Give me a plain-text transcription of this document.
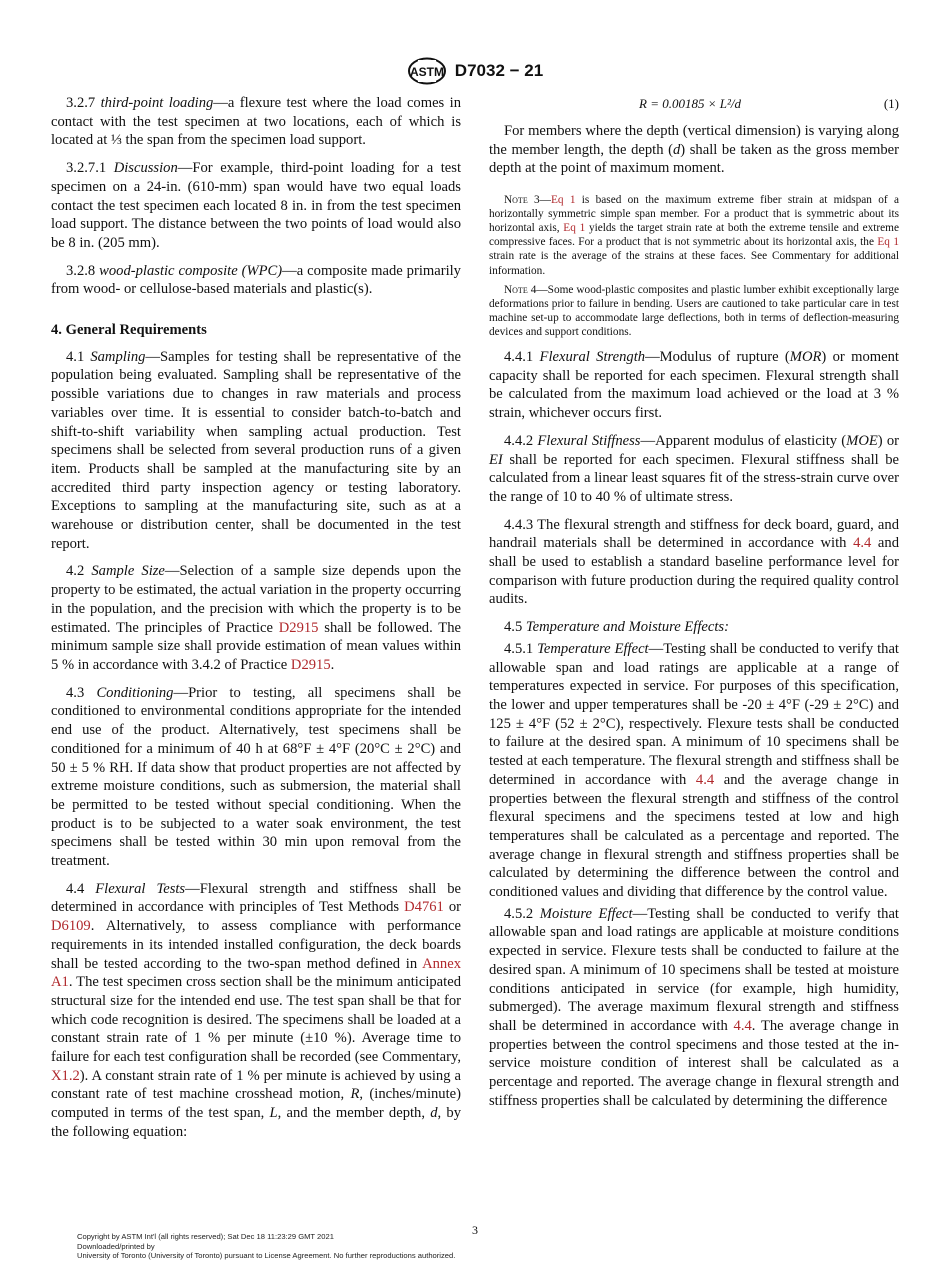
ASTM D7032 − 21

3.2.7 third-point loading—a flexure test where the load comes in contact with the test specimen at two locations, each of which is located at ⅓ the span from the specimen load support.

3.2.7.1 Discussion—For example, third-point loading for a test specimen on a 24-in. (610-mm) span would have two equal loads contact the test specimen each located 8 in. in from the test specimen load support. The distance between the two points of load would also be 8 in. (205 mm).

3.2.8 wood-plastic composite (WPC)—a composite made primarily from wood- or cellulose-based materials and plastic(s).

4. General Requirements

4.1 Sampling—Samples for testing shall be representative of the population being evaluated. Sampling shall be representative of the possible variations due to changes in raw materials and process variables over time. It is essential to consider batch-to-batch and shift-to-shift variability when sampling actual production. Test specimens shall be selected from several production runs of a given item. Products shall be sampled at the manufacturing site by an accredited third party inspection agency or testing laboratory. Exceptions to sampling at the manufacturing site, such as at a warehouse or distribution center, shall be documented in the test report.

4.2 Sample Size—Selection of a sample size depends upon the property to be estimated, the actual variation in the property occurring in the population, and the precision with which the property is to be estimated. The principles of Practice D2915 shall be followed. The minimum sample size shall provide estimation of mean values within 5 % in accordance with 3.4.2 of Practice D2915.

4.3 Conditioning—Prior to testing, all specimens shall be conditioned to environmental conditions appropriate for the intended end use of the product. Alternatively, test specimens shall be conditioned for a minimum of 40 h at 68°F ± 4°F (20°C ± 2°C) and 50 ± 5 % RH. If data show that product properties are not affected by extreme moisture conditions, such as submersion, the material shall be permitted to be tested without special conditioning. When the product is to be subjected to a water soak environment, the test specimens shall be tested within 30 min upon removal from the treatment.

4.4 Flexural Tests—Flexural strength and stiffness shall be determined in accordance with principles of Test Methods D4761 or D6109. Alternatively, to assess compliance with performance requirements in its intended installed configuration, the deck boards shall be tested according to the two-span method defined in Annex A1. The test specimen cross section shall be the minimum anticipated structural size for the intended end use. The test span shall be that for which code recognition is desired. The specimens shall be loaded at a constant strain rate of 1 % per minute (±10 %). Average time to failure for each test configuration shall be recorded (see Commentary, X1.2). A constant strain rate of 1 % per minute is achieved by using a constant rate of test machine crosshead motion, R, (inches/minute) computed in terms of the test span, L, and the member depth, d, by the following equation:

R = 0.00185 × L²/d	(1)

For members where the depth (vertical dimension) is varying along the member length, the depth (d) shall be taken as the gross member depth at the point of maximum moment.

Note 3—Eq 1 is based on the maximum extreme fiber strain at midspan of a horizontally symmetric simple span member. For a product that is symmetric about its horizontal axis, Eq 1 yields the target strain rate at both the extreme tensile and extreme compressive faces. For a product that is not symmetric about its horizontal axis, the Eq 1 strain rate is the average of the strains at these faces. See Commentary for additional information.

Note 4—Some wood-plastic composites and plastic lumber exhibit exceptionally large deformations prior to failure in bending. Users are cautioned to take particular care in test machine set-up to accommodate large deflections, both in terms of deflection-measuring devices and support conditions.

4.4.1 Flexural Strength—Modulus of rupture (MOR) or moment capacity shall be reported for each specimen. Flexural strength shall be calculated from the maximum load achieved or the load at 3 % strain, whichever occurs first.

4.4.2 Flexural Stiffness—Apparent modulus of elasticity (MOE) or EI shall be reported for each specimen. Flexural stiffness shall be calculated from a linear least squares fit of the stress-strain curve over the range of 10 to 40 % of ultimate stress.

4.4.3 The flexural strength and stiffness for deck board, guard, and handrail materials shall be determined in accordance with 4.4 and shall be used to establish a standard baseline performance level for comparison with future production during the required quality control audits.

4.5 Temperature and Moisture Effects:

4.5.1 Temperature Effect—Testing shall be conducted to verify that allowable span and load ratings are applicable at a range of temperatures expected in service. For purposes of this specification, the lower and upper temperatures shall be -20 ± 4°F (-29 ± 2°C) and 125 ± 4°F (52 ± 2°C), respectively. Flexure tests shall be conducted to failure at the desired span. A minimum of 10 specimens shall be tested at each temperature. The flexural strength and stiffness shall be determined in accordance with 4.4 and the average change in properties between the flexural strength and stiffness of the control flexural specimens and the specimens tested at low and high temperatures shall be calculated as a percentage and reported. The average change in flexural strength and stiffness properties shall be calculated by determining the difference between the control and conditioned values and dividing that difference by the control value.

4.5.2 Moisture Effect—Testing shall be conducted to verify that allowable span and load ratings are applicable at moisture conditions expected in service. Flexure tests shall be conducted to failure at the desired span. A minimum of 10 specimens shall be tested at moisture conditions anticipated in service (for example, high humidity, submerged). The average maximum flexural strength and stiffness shall be determined in accordance with 4.4. The average change in properties between the control specimens and those tested at the in-service moisture condition of interest shall be calculated as a percentage and reported. The average change in flexural strength and stiffness properties shall be calculated by determining the difference

3
Copyright by ASTM Int'l (all rights reserved); Sat Dec 18 11:23:29 GMT 2021
Downloaded/printed by
University of Toronto (University of Toronto) pursuant to License Agreement. No further reproductions authorized.
